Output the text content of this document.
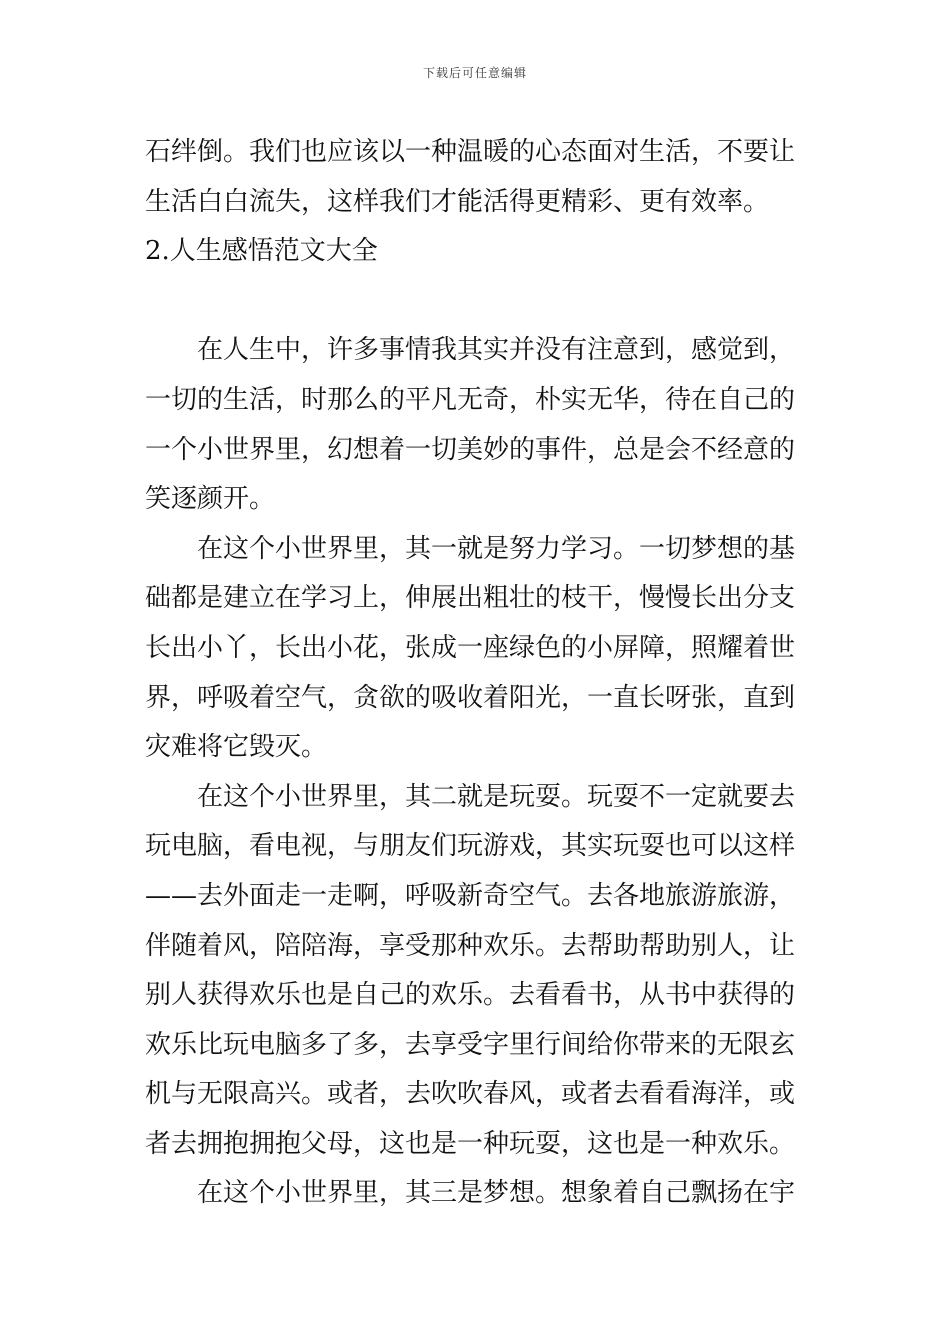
下载后可任意编辑
石绊倒。我们也应该以一种温暖的心态面对生活，不要让
生活白白流失，这样我们才能活得更精彩、更有效率。
2.人生感悟范文大全
在人生中，许多事情我其实并没有注意到，感觉到，
一切的生活，时那么的平凡无奇，朴实无华，待在自己的
一个小世界里，幻想着一切美妙的事件，总是会不经意的
笑逐颜开。
在这个小世界里，其一就是努力学习。一切梦想的基
础都是建立在学习上，伸展出粗壮的枝干，慢慢长出分支
长出小丫，长出小花，张成一座绿色的小屏障，照耀着世
界，呼吸着空气，贪欲的吸收着阳光，一直长呀张，直到
灾难将它毁灭。
在这个小世界里，其二就是玩耍。玩耍不一定就要去
玩电脑，看电视，与朋友们玩游戏，其实玩耍也可以这样
——去外面走一走啊，呼吸新奇空气。去各地旅游旅游，
伴随着风，陪陪海，享受那种欢乐。去帮助帮助别人，让
别人获得欢乐也是自己的欢乐。去看看书，从书中获得的
欢乐比玩电脑多了多，去享受字里行间给你带来的无限玄
机与无限高兴。或者，去吹吹春风，或者去看看海洋，或
者去拥抱拥抱父母，这也是一种玩耍，这也是一种欢乐。
在这个小世界里，其三是梦想。想象着自己飘扬在宇
